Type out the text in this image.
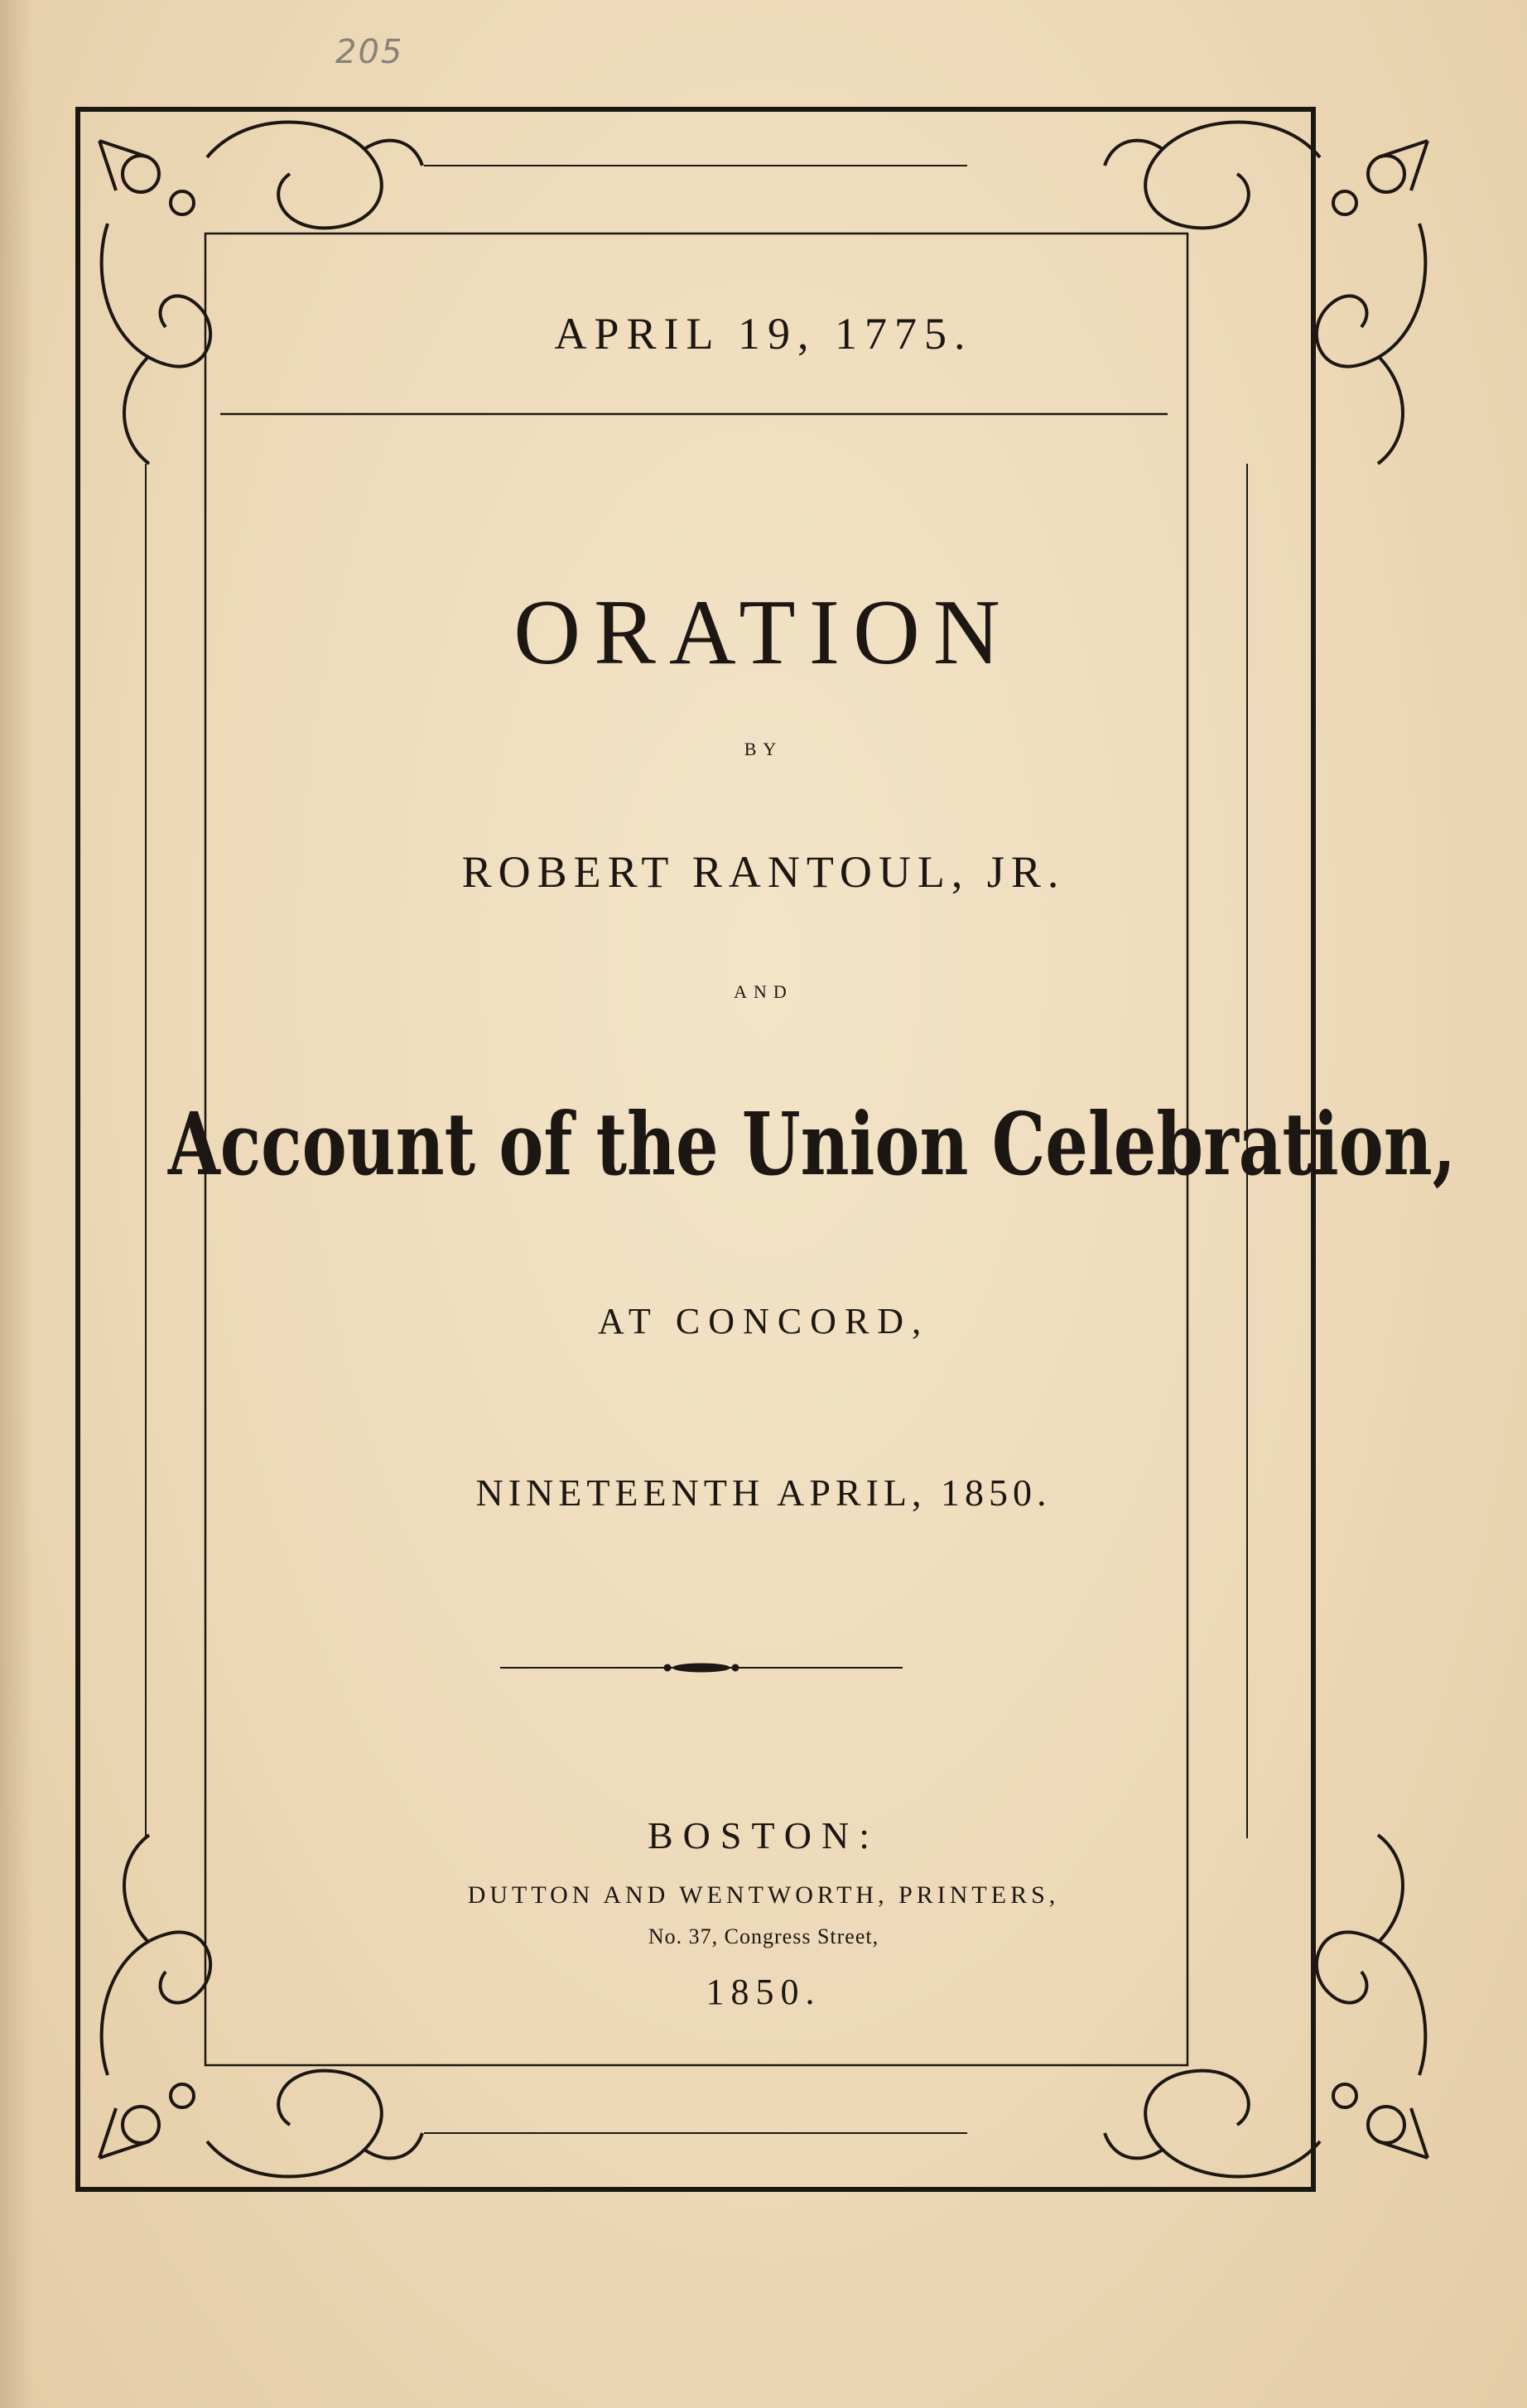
205
APRIL 19, 1775.
ORATION
BY
ROBERT RANTOUL, JR.
AND
Account of the Union Celebration,
AT CONCORD,
NINETEENTH APRIL, 1850.
BOSTON:
DUTTON AND WENTWORTH, PRINTERS,
No. 37, Congress Street,
1850.
